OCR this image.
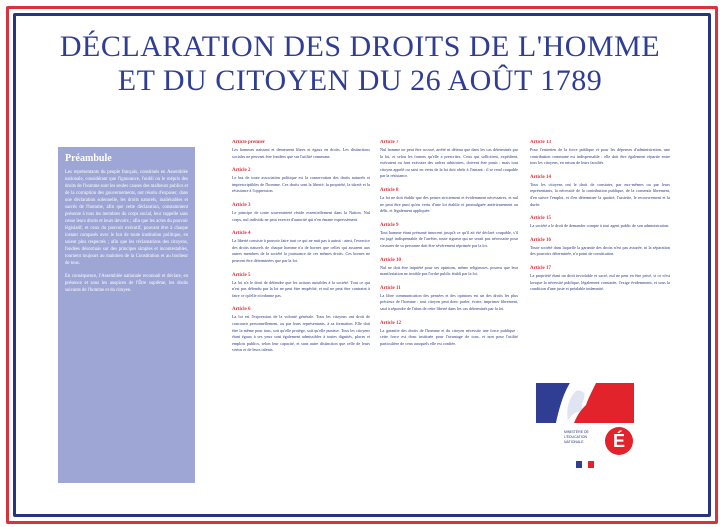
DÉCLARATION DES DROITS DE L'HOMME
ET DU CITOYEN DU 26 AOÛT 1789
Préambule

Les représentants du peuple français, constitués en Assemblée nationale, considérant que l'ignorance, l'oubli ou le mépris des droits de l'homme sont les seules causes des malheurs publics et de la corruption des gouvernements, ont résolu d'exposer, dans une déclaration solennelle, les droits naturels, inaliénables et sacrés de l'homme, afin que cette déclaration, constamment présente à tous les membres du corps social, leur rappelle sans cesse leurs droits et leurs devoirs ; afin que les actes du pouvoir législatif, et ceux du pouvoir exécutif, pouvant être à chaque instant comparés avec le but de toute institution politique, en soient plus respectés ; afin que les réclamations des citoyens, fondées désormais sur des principes simples et incontestables, tournent toujours au maintien de la Constitution et au bonheur de tous.

En conséquence, l'Assemblée nationale reconnaît et déclare, en présence et sous les auspices de l'Être suprême, les droits suivants de l'homme et du citoyen.

Article premier
Les hommes naissent et demeurent libres et égaux en droits. Les distinctions sociales ne peuvent être fondées que sur l'utilité commune.
Article 2
Le but de toute association politique est la conservation des droits naturels et imprescriptibles de l'homme. Ces droits sont la liberté, la propriété, la sûreté et la résistance à l'oppression.
Article 3
Le principe de toute souveraineté réside essentiellement dans la Nation. Nul corps, nul individu ne peut exercer d'autorité qui n'en émane expressément.
Article 4
La liberté consiste à pouvoir faire tout ce qui ne nuit pas à autrui : ainsi, l'exercice des droits naturels de chaque homme n'a de bornes que celles qui assurent aux autres membres de la société la jouissance de ces mêmes droits. Ces bornes ne peuvent être déterminées que par la loi.
Article 5
La loi n'a le droit de défendre que les actions nuisibles à la société. Tout ce qui n'est pas défendu par la loi ne peut être empêché, et nul ne peut être contraint à faire ce qu'elle n'ordonne pas.
Article 6
La loi est l'expression de la volonté générale. Tous les citoyens ont droit de concourir personnellement, ou par leurs représentants, à sa formation. Elle doit être la même pour tous, soit qu'elle protège, soit qu'elle punisse. Tous les citoyens étant égaux à ses yeux sont également admissibles à toutes dignités, places et emplois publics, selon leur capacité, et sans autre distinction que celle de leurs vertus et de leurs talents.
Article 7
Nul homme ne peut être accusé, arrêté ni détenu que dans les cas déterminés par la loi, et selon les formes qu'elle a prescrites. Ceux qui sollicitent, expédient, exécutent ou font exécuter des ordres arbitraires, doivent être punis ; mais tout citoyen appelé ou saisi en vertu de la loi doit obéir à l'instant : il se rend coupable par la résistance.
Article 8
La loi ne doit établir que des peines strictement et évidemment nécessaires, et nul ne peut être puni qu'en vertu d'une loi établie et promulguée antérieurement au délit, et légalement appliquée.
Article 9
Tout homme étant présumé innocent jusqu'à ce qu'il ait été déclaré coupable, s'il est jugé indispensable de l'arrêter, toute rigueur qui ne serait pas nécessaire pour s'assurer de sa personne doit être sévèrement réprimée par la loi.
Article 10
Nul ne doit être inquiété pour ses opinions, même religieuses, pourvu que leur manifestation ne trouble pas l'ordre public établi par la loi.
Article 11
La libre communication des pensées et des opinions est un des droits les plus précieux de l'homme : tout citoyen peut donc parler, écrire, imprimer librement, sauf à répondre de l'abus de cette liberté dans les cas déterminés par la loi.
Article 12
La garantie des droits de l'homme et du citoyen nécessite une force publique : cette force est donc instituée pour l'avantage de tous, et non pour l'utilité particulière de ceux auxquels elle est confiée.
Article 13
Pour l'entretien de la force publique et pour les dépenses d'administration, une contribution commune est indispensable : elle doit être également répartie entre tous les citoyens, en raison de leurs facultés.
Article 14
Tous les citoyens ont le droit de constater, par eux-mêmes ou par leurs représentants, la nécessité de la contribution publique, de la consentir librement, d'en suivre l'emploi, et d'en déterminer la quotité, l'assiette, le recouvrement et la durée.
Article 15
La société a le droit de demander compte à tout agent public de son administration.
Article 16
Toute société dans laquelle la garantie des droits n'est pas assurée, ni la séparation des pouvoirs déterminée, n'a point de constitution.
Article 17
La propriété étant un droit inviolable et sacré, nul ne peut en être privé, si ce n'est lorsque la nécessité publique, légalement constatée, l'exige évidemment, et sous la condition d'une juste et préalable indemnité.
MINISTÈRE DE L'ÉDUCATION NATIONALE	É
